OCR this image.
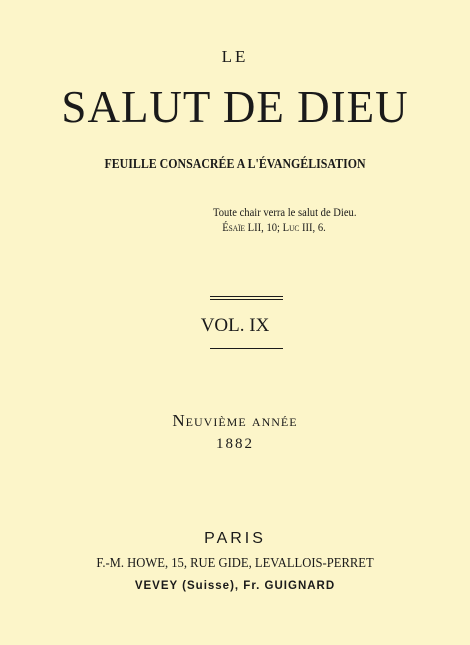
LE
SALUT DE DIEU
FEUILLE CONSACRÉE A L'ÉVANGÉLISATION
Toute chair verra le salut de Dieu.
Ésaïe LII, 10; Luc III, 6.
VOL. IX
Neuvième année
1882
PARIS
F.-M. HOWE, 15, RUE GIDE, LEVALLOIS-PERRET
VEVEY (Suisse), Fr. GUIGNARD
